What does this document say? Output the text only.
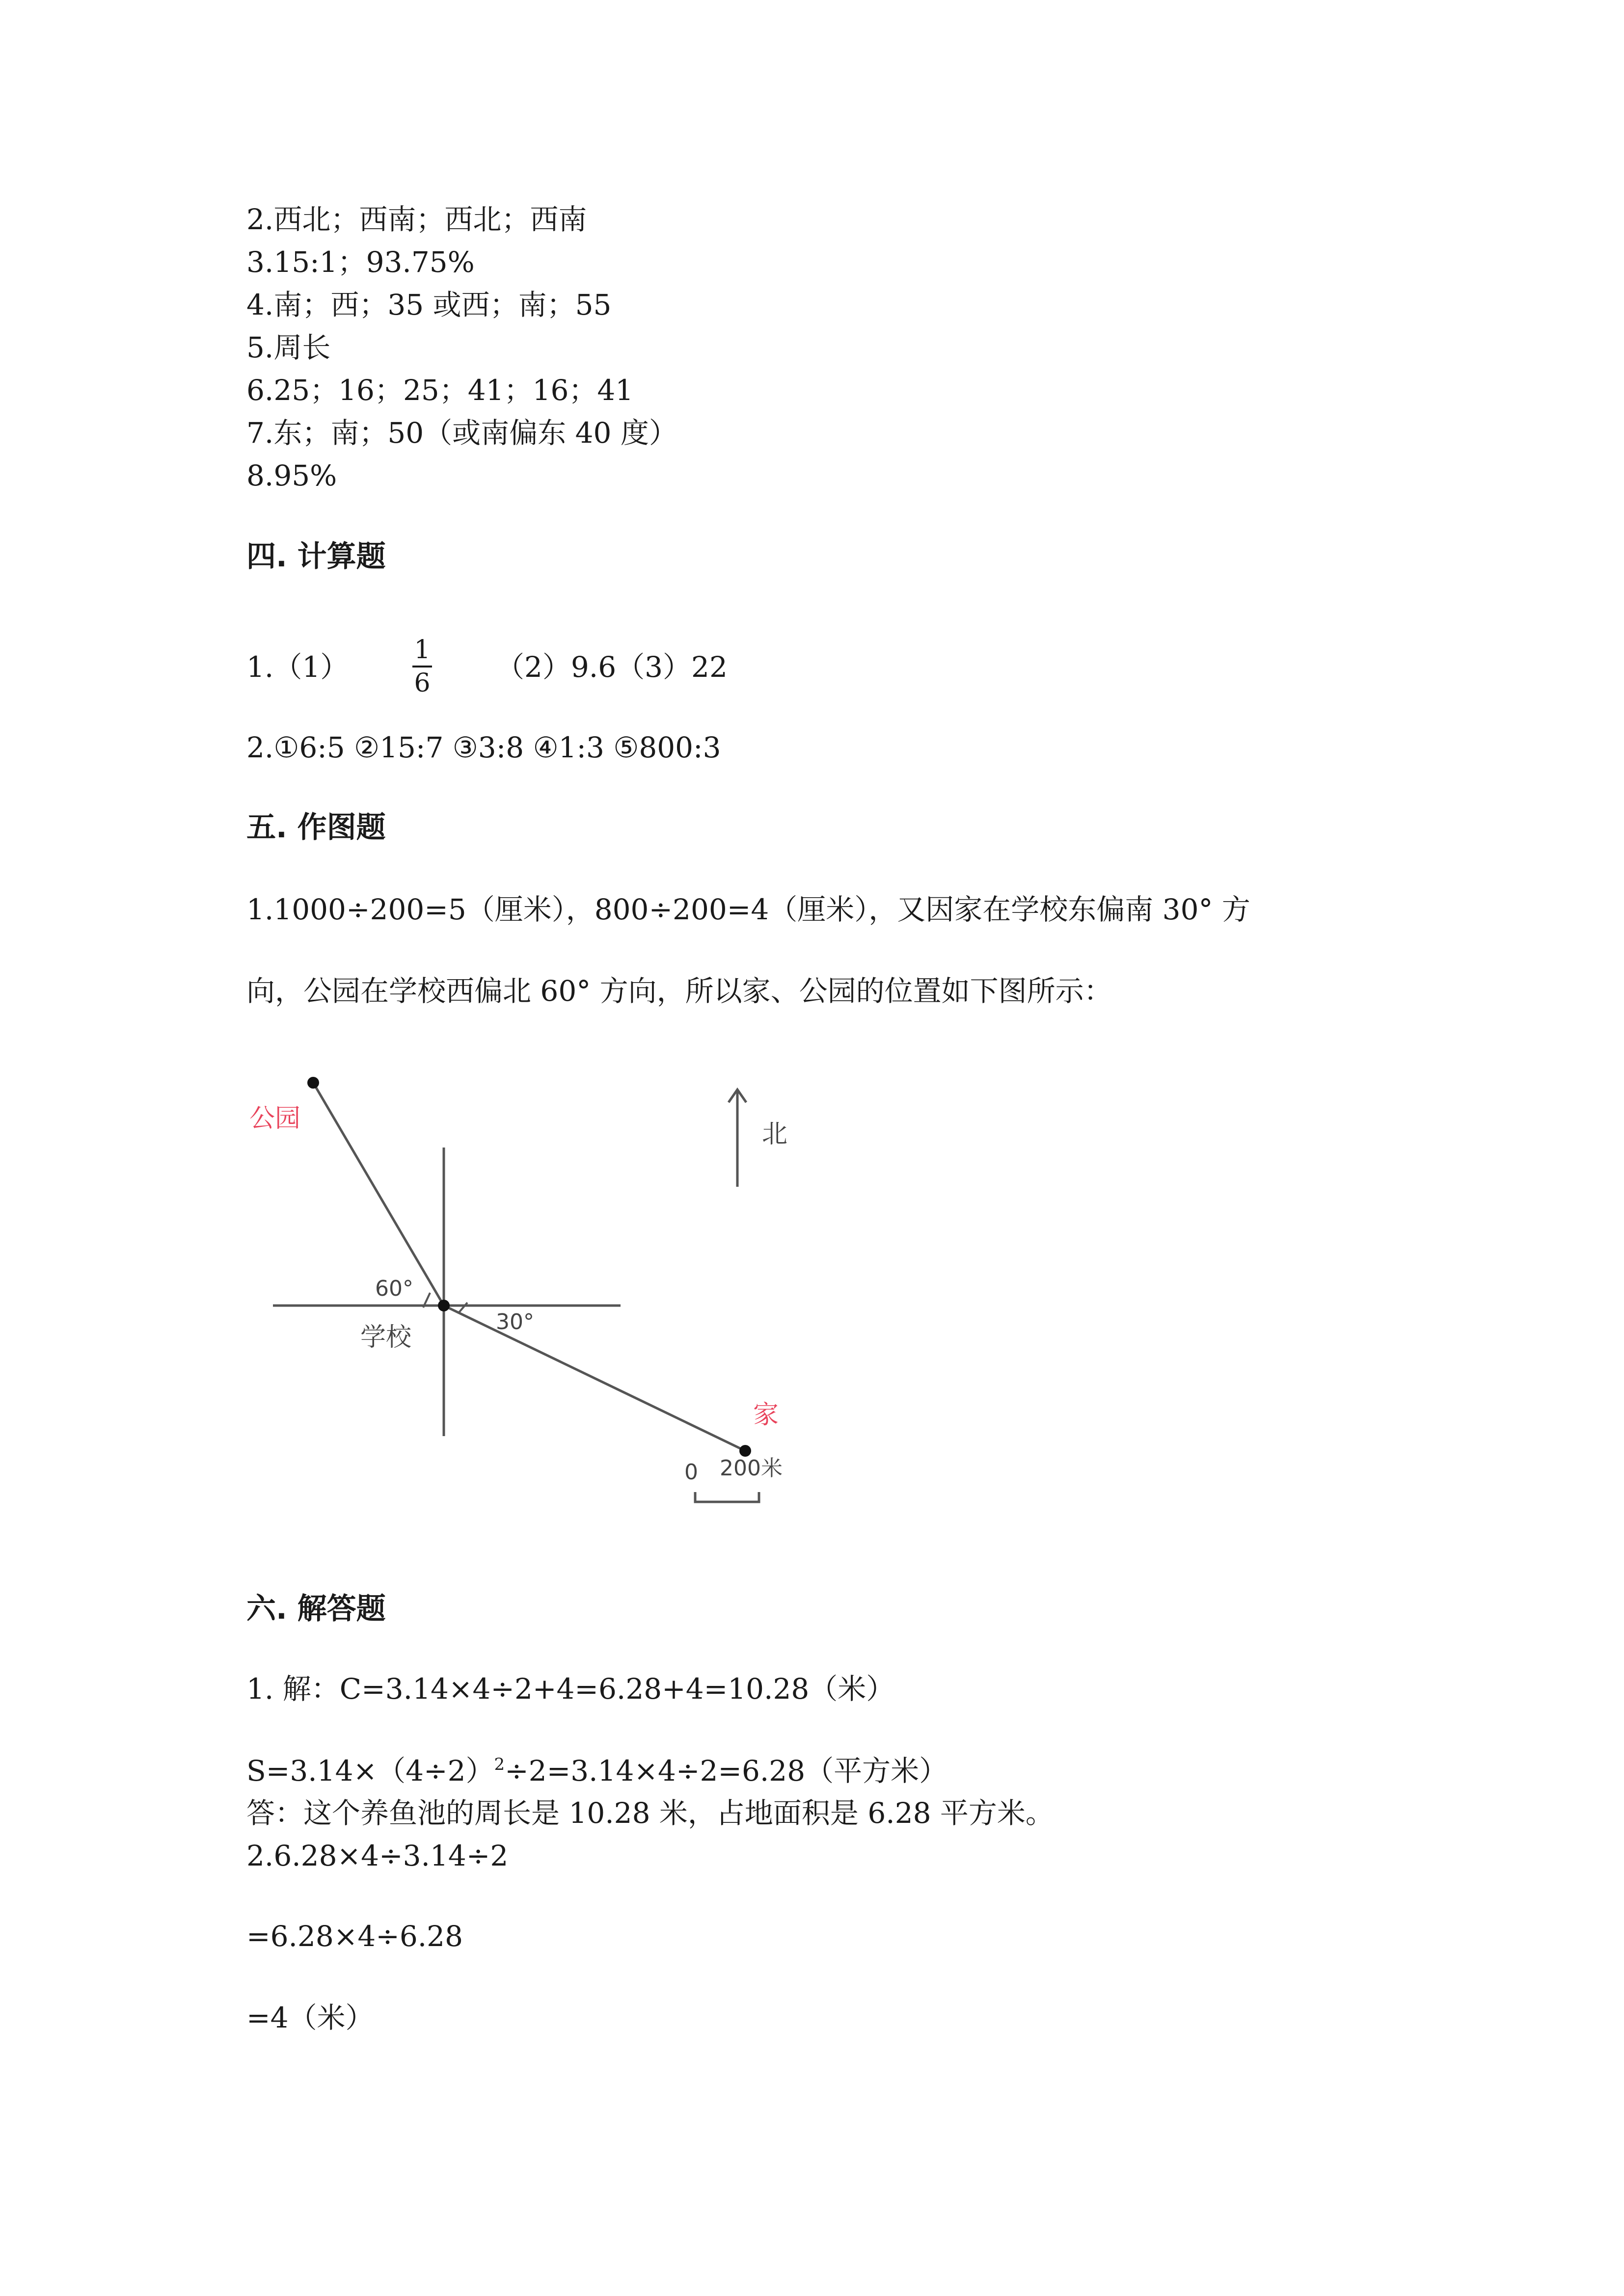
2.西北；西南；西北；西南
3.15:1；93.75%
4.南；西；35 或西；南；55
5.周长
6.25；16；25；41；16；41
7.东；南；50（或南偏东 40 度）
8.95%
四. 计算题
1.（1）
1
6 （2）9.6（3）22
2.①6:5 ②15:7 ③3:8 ④1:3 ⑤800:3
五. 作图题
1.1000÷200=5（厘米），800÷200=4（厘米），又因家在学校东偏南 30° 方
向，公园在学校西偏北 60° 方向，所以家、公园的位置如下图所示：
公园
北
60°
30°
学校
家
0 200米
六. 解答题
1. 解：C=3.14×4÷2+4=6.28+4=10.28（米）
$S=3.14\times(4\div 2)^2\div 2=3.14\times 4\div 2=6.28$（平方米）
答：这个养鱼池的周长是 10.28 米，占地面积是 6.28 平方米。
2.6.28×4÷3.14÷2
=6.28×4÷6.28
=4（米）
